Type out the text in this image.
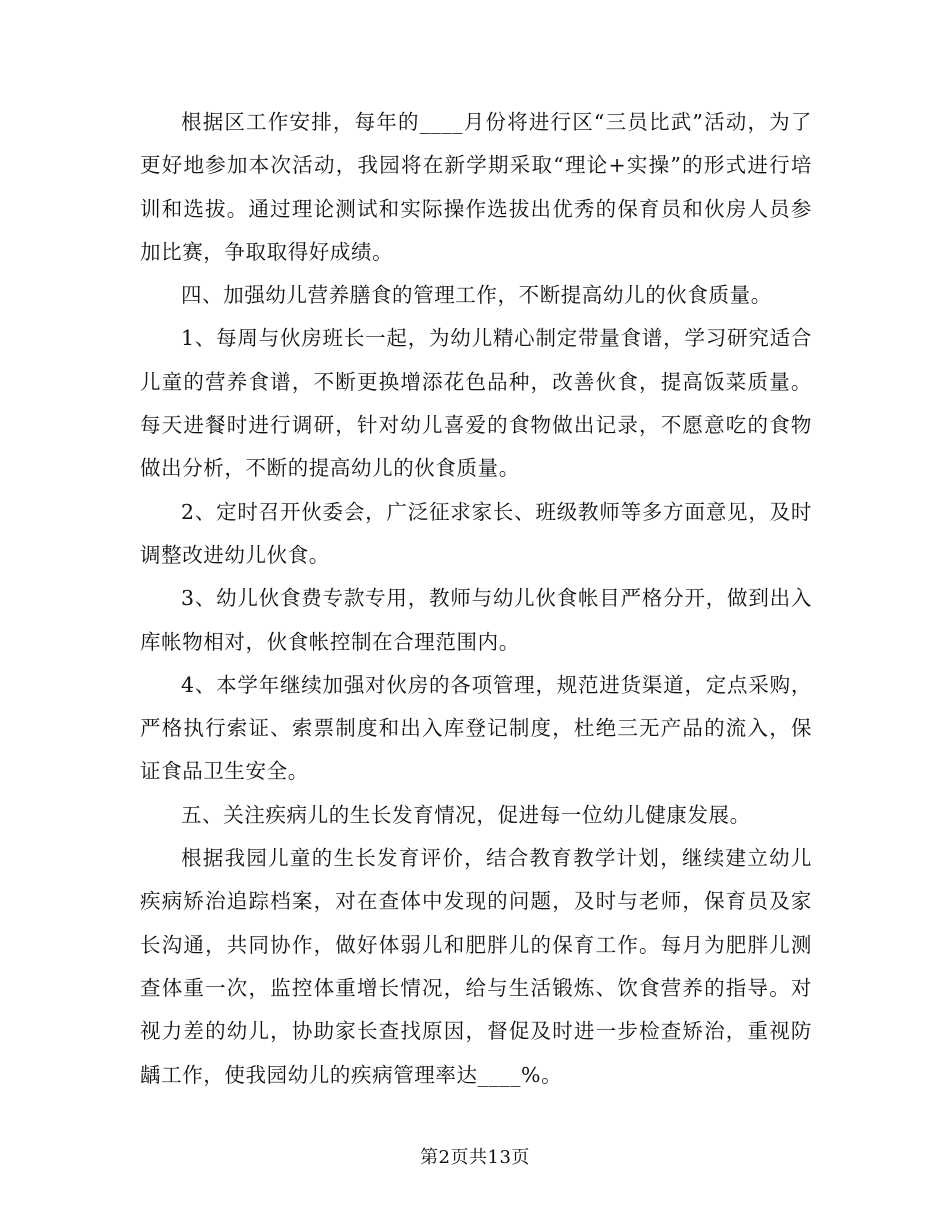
根据区工作安排，每年的____月份将进行区“三员比武”活动，为了更好地参加本次活动，我园将在新学期采取“理论+实操”的形式进行培训和选拔。通过理论测试和实际操作选拔出优秀的保育员和伙房人员参加比赛，争取取得好成绩。

四、加强幼儿营养膳食的管理工作，不断提高幼儿的伙食质量。

1、每周与伙房班长一起，为幼儿精心制定带量食谱，学习研究适合儿童的营养食谱，不断更换增添花色品种，改善伙食，提高饭菜质量。每天进餐时进行调研，针对幼儿喜爱的食物做出记录，不愿意吃的食物做出分析，不断的提高幼儿的伙食质量。

2、定时召开伙委会，广泛征求家长、班级教师等多方面意见，及时调整改进幼儿伙食。

3、幼儿伙食费专款专用，教师与幼儿伙食帐目严格分开，做到出入库帐物相对，伙食帐控制在合理范围内。

4、本学年继续加强对伙房的各项管理，规范进货渠道，定点采购，严格执行索证、索票制度和出入库登记制度，杜绝三无产品的流入，保证食品卫生安全。

五、关注疾病儿的生长发育情况，促进每一位幼儿健康发展。

根据我园儿童的生长发育评价，结合教育教学计划，继续建立幼儿疾病矫治追踪档案，对在查体中发现的问题，及时与老师，保育员及家长沟通，共同协作，做好体弱儿和肥胖儿的保育工作。每月为肥胖儿测查体重一次，监控体重增长情况，给与生活锻炼、饮食营养的指导。对视力差的幼儿，协助家长查找原因，督促及时进一步检查矫治，重视防龋工作，使我园幼儿的疾病管理率达____%。

第2页共13页
